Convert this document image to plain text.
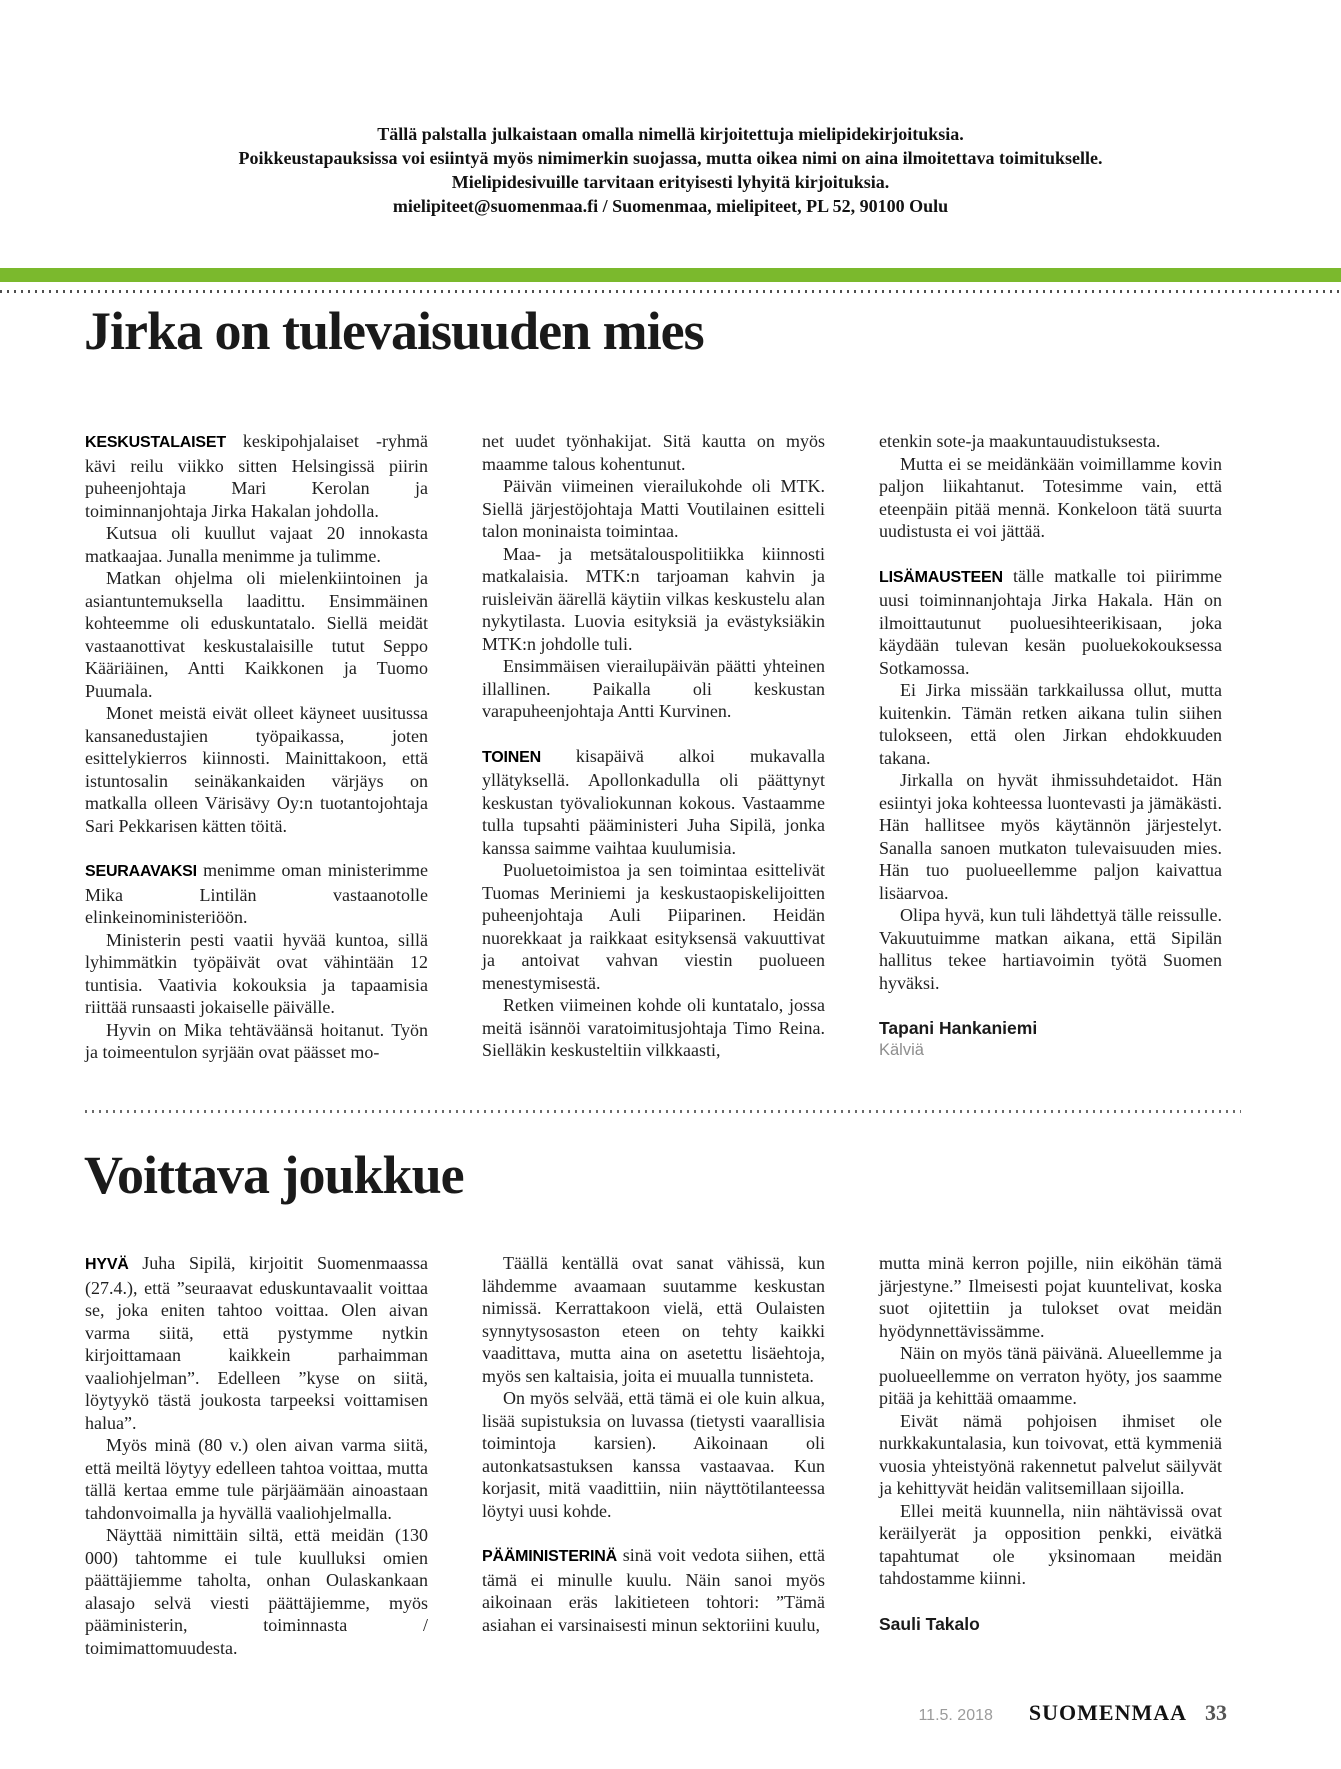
Tällä palstalla julkaistaan omalla nimellä kirjoitettuja mielipidekirjoituksia.
Poikkeustapauksissa voi esiintyä myös nimimerkin suojassa, mutta oikea nimi on aina ilmoitettava toimitukselle.
Mielipidesivuille tarvitaan erityisesti lyhyitä kirjoituksia.
mielipiteet@suomenmaa.fi / Suomenmaa, mielipiteet, PL 52, 90100 Oulu
Jirka on tulevaisuuden mies

KESKUSTALAISET keskipohjalaiset -ryhmä kävi reilu viikko sitten Helsingissä piirin puheenjohtaja Mari Kerolan ja toiminnanjohtaja Jirka Hakalan johdolla.

Kutsua oli kuullut vajaat 20 innokasta matkaajaa. Junalla menimme ja tulimme.

Matkan ohjelma oli mielenkiintoinen ja asiantuntemuksella laadittu. Ensimmäinen kohteemme oli eduskuntatalo. Siellä meidät vastaanottivat keskustalaisille tutut Seppo Kääriäinen, Antti Kaikkonen ja Tuomo Puumala.

Monet meistä eivät olleet käyneet uusitussa kansanedustajien työpaikassa, joten esittelykierros kiinnosti. Mainittakoon, että istuntosalin seinäkankaiden värjäys on matkalla olleen Värisävy Oy:n tuotantojohtaja Sari Pekkarisen kätten töitä.

SEURAAVAKSI menimme oman ministerimme Mika Lintilän vastaanotolle elinkeinoministeriöön.

Ministerin pesti vaatii hyvää kuntoa, sillä lyhimmätkin työpäivät ovat vähintään 12 tuntisia. Vaativia kokouksia ja tapaamisia riittää runsaasti jokaiselle päivälle.

Hyvin on Mika tehtäväänsä hoitanut. Työn ja toimeentulon syrjään ovat päässet mo-

net uudet työnhakijat. Sitä kautta on myös maamme talous kohentunut.

Päivän viimeinen vierailukohde oli MTK. Siellä järjestöjohtaja Matti Voutilainen esitteli talon moninaista toimintaa.

Maa- ja metsätalouspolitiikka kiinnosti matkalaisia. MTK:n tarjoaman kahvin ja ruisleivän äärellä käytiin vilkas keskustelu alan nykytilasta. Luovia esityksiä ja evästyksiäkin MTK:n johdolle tuli.

Ensimmäisen vierailupäivän päätti yhteinen illallinen. Paikalla oli keskustan varapuheenjohtaja Antti Kurvinen.

TOINEN kisapäivä alkoi mukavalla yllätyksellä. Apollonkadulla oli päättynyt keskustan työvaliokunnan kokous. Vastaamme tulla tupsahti pääministeri Juha Sipilä, jonka kanssa saimme vaihtaa kuulumisia.

Puoluetoimistoa ja sen toimintaa esittelivät Tuomas Meriniemi ja keskustaopiskelijoitten puheenjohtaja Auli Piiparinen. Heidän nuorekkaat ja raikkaat esityksensä vakuuttivat ja antoivat vahvan viestin puolueen menestymisestä.

Retken viimeinen kohde oli kuntatalo, jossa meitä isännöi varatoimitusjohtaja Timo Reina. Sielläkin keskusteltiin vilkkaasti,

etenkin sote-ja maakuntauudistuksesta.

Mutta ei se meidänkään voimillamme kovin paljon liikahtanut. Totesimme vain, että eteenpäin pitää mennä. Konkeloon tätä suurta uudistusta ei voi jättää.

LISÄMAUSTEEN tälle matkalle toi piirimme uusi toiminnanjohtaja Jirka Hakala. Hän on ilmoittautunut puoluesihteerikisaan, joka käydään tulevan kesän puoluekokouksessa Sotkamossa.

Ei Jirka missään tarkkailussa ollut, mutta kuitenkin. Tämän retken aikana tulin siihen tulokseen, että olen Jirkan ehdokkuuden takana.

Jirkalla on hyvät ihmissuhdetaidot. Hän esiintyi joka kohteessa luontevasti ja jämäkästi. Hän hallitsee myös käytännön järjestelyt. Sanalla sanoen mutkaton tulevaisuuden mies. Hän tuo puolueellemme paljon kaivattua lisäarvoa.

Olipa hyvä, kun tuli lähdettyä tälle reissulle. Vakuutuimme matkan aikana, että Sipilän hallitus tekee hartiavoimin työtä Suomen hyväksi.

Tapani Hankaniemi
Kälviä
Voittava joukkue

HYVÄ Juha Sipilä, kirjoitit Suomenmaassa (27.4.), että ”seuraavat eduskuntavaalit voittaa se, joka eniten tahtoo voittaa. Olen aivan varma siitä, että pystymme nytkin kirjoittamaan kaikkein parhaimman vaaliohjelman”. Edelleen ”kyse on siitä, löytyykö tästä joukosta tarpeeksi voittamisen halua”.

Myös minä (80 v.) olen aivan varma siitä, että meiltä löytyy edelleen tahtoa voittaa, mutta tällä kertaa emme tule pärjäämään ainoastaan tahdonvoimalla ja hyvällä vaaliohjelmalla.

Näyttää nimittäin siltä, että meidän (130 000) tahtomme ei tule kuulluksi omien päättäjiemme taholta, onhan Oulaskankaan alasajo selvä viesti päättäjiemme, myös pääministerin, toiminnasta / toimimattomuudesta.

Täällä kentällä ovat sanat vähissä, kun lähdemme avaamaan suutamme keskustan nimissä. Kerrattakoon vielä, että Oulaisten synnytysosaston eteen on tehty kaikki vaadittava, mutta aina on asetettu lisäehtoja, myös sen kaltaisia, joita ei muualla tunnisteta.

On myös selvää, että tämä ei ole kuin alkua, lisää supistuksia on luvassa (tietysti vaarallisia toimintoja karsien). Aikoinaan oli autonkatsastuksen kanssa vastaavaa. Kun korjasit, mitä vaadittiin, niin näyttötilanteessa löytyi uusi kohde.

PÄÄMINISTERINÄ sinä voit vedota siihen, että tämä ei minulle kuulu. Näin sanoi myös aikoinaan eräs lakitieteen tohtori: ”Tämä asiahan ei varsinaisesti minun sektoriini kuulu,

mutta minä kerron pojille, niin eiköhän tämä järjestyne.” Ilmeisesti pojat kuuntelivat, koska suot ojitettiin ja tulokset ovat meidän hyödynnettävissämme.

Näin on myös tänä päivänä. Alueellemme ja puolueellemme on verraton hyöty, jos saamme pitää ja kehittää omaamme.

Eivät nämä pohjoisen ihmiset ole nurkkakuntalasia, kun toivovat, että kymmeniä vuosia yhteistyönä rakennetut palvelut säilyvät ja kehittyvät heidän valitsemillaan sijoilla.

Ellei meitä kuunnella, niin nähtävissä ovat keräilyerät ja opposition penkki, eivätkä tapahtumat ole yksinomaan meidän tahdostamme kiinni.

Sauli Takalo
11.5. 2018 SUOMENMAA 33
